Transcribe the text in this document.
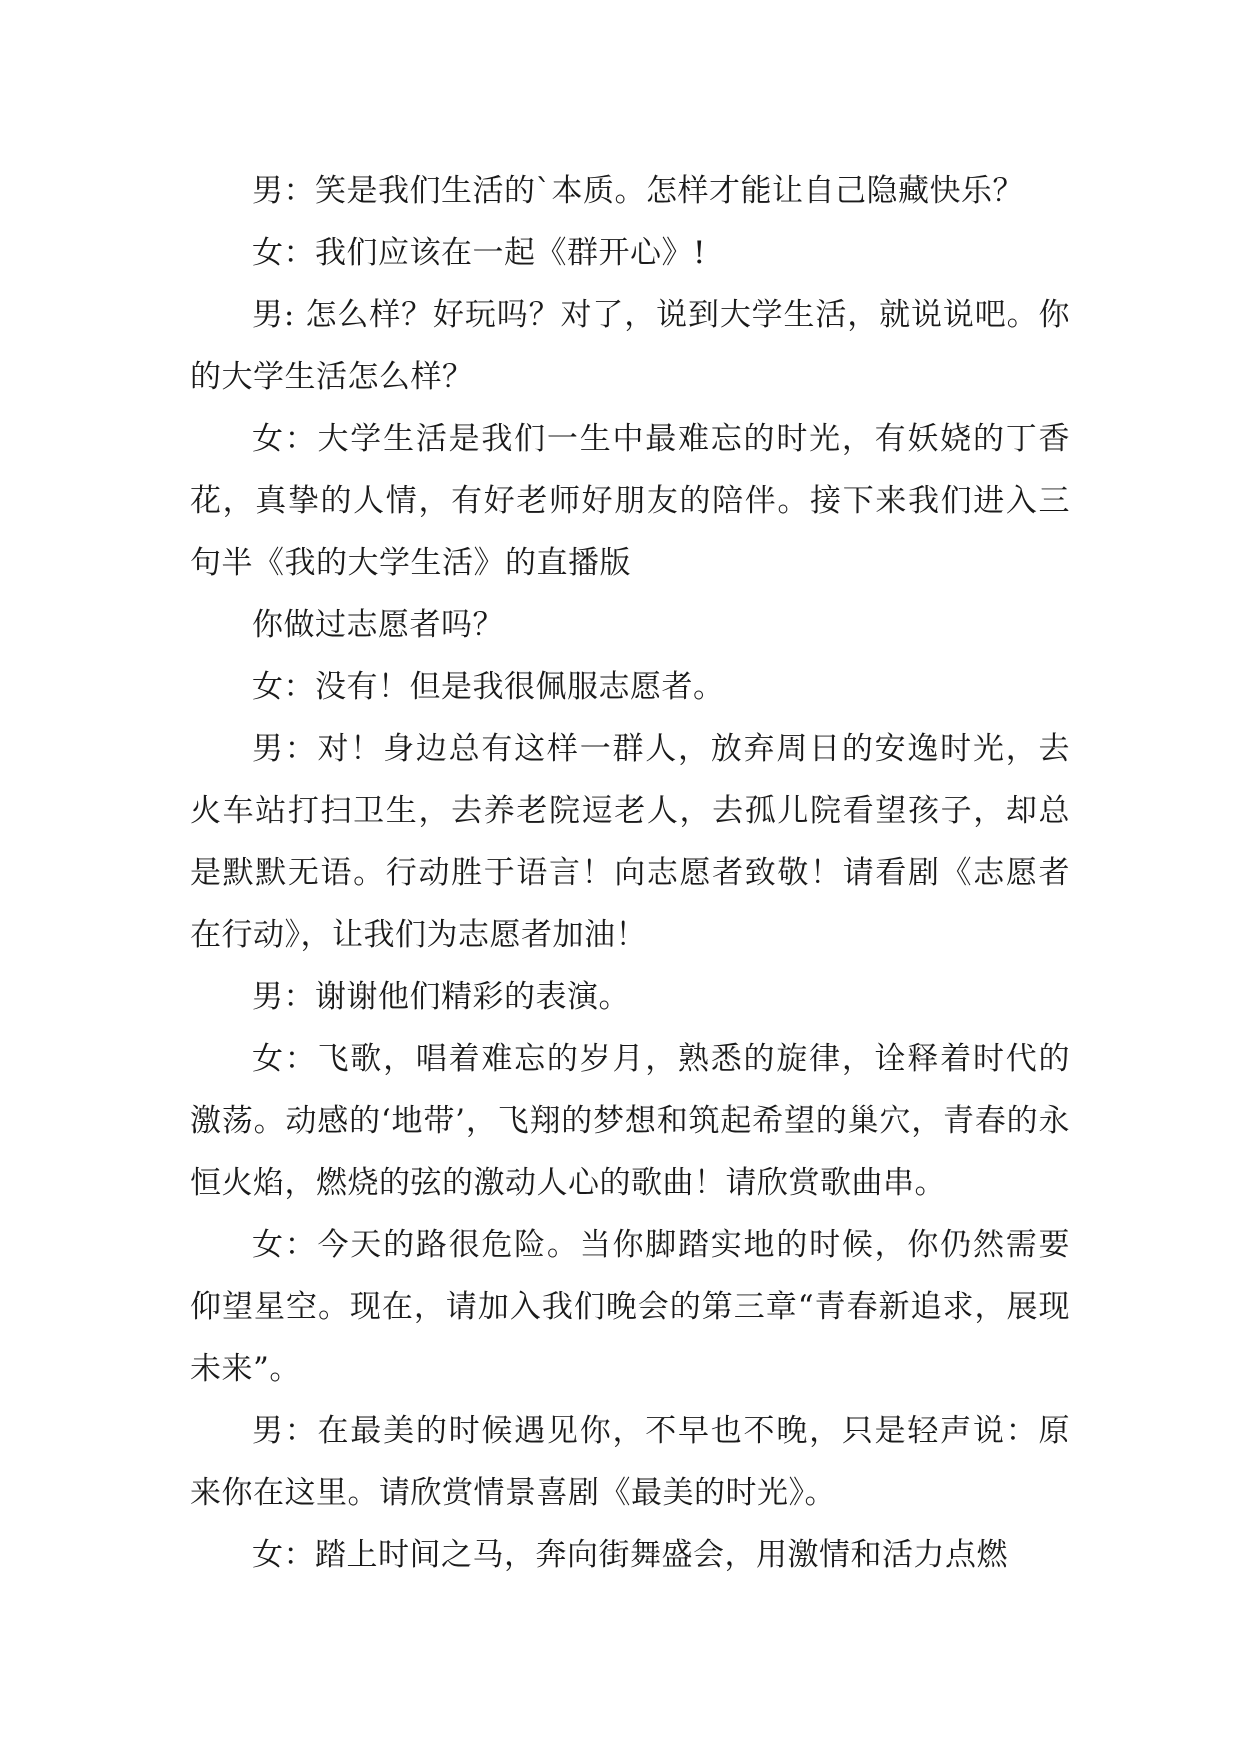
男：笑是我们生活的`本质。怎样才能让自己隐藏快乐？

女：我们应该在一起《群开心》!

男: 怎么样？好玩吗？对了，说到大学生活，就说说吧。你的大学生活怎么样？

女：大学生活是我们一生中最难忘的时光，有妖娆的丁香花，真挚的人情，有好老师好朋友的陪伴。接下来我们进入三句半《我的大学生活》的直播版

你做过志愿者吗？

女：没有！但是我很佩服志愿者。

男：对！身边总有这样一群人，放弃周日的安逸时光，去火车站打扫卫生，去养老院逗老人，去孤儿院看望孩子，却总是默默无语。行动胜于语言！向志愿者致敬！请看剧《志愿者在行动》，让我们为志愿者加油！

男：谢谢他们精彩的表演。

女：飞歌，唱着难忘的岁月，熟悉的旋律，诠释着时代的激荡。动感的‘地带’，飞翔的梦想和筑起希望的巢穴，青春的永恒火焰，燃烧的弦的激动人心的歌曲！请欣赏歌曲串。

女：今天的路很危险。当你脚踏实地的时候，你仍然需要仰望星空。现在，请加入我们晚会的第三章“青春新追求，展现未来”。

男：在最美的时候遇见你，不早也不晚，只是轻声说：原来你在这里。请欣赏情景喜剧《最美的时光》。

女：踏上时间之马，奔向街舞盛会，用激情和活力点燃
